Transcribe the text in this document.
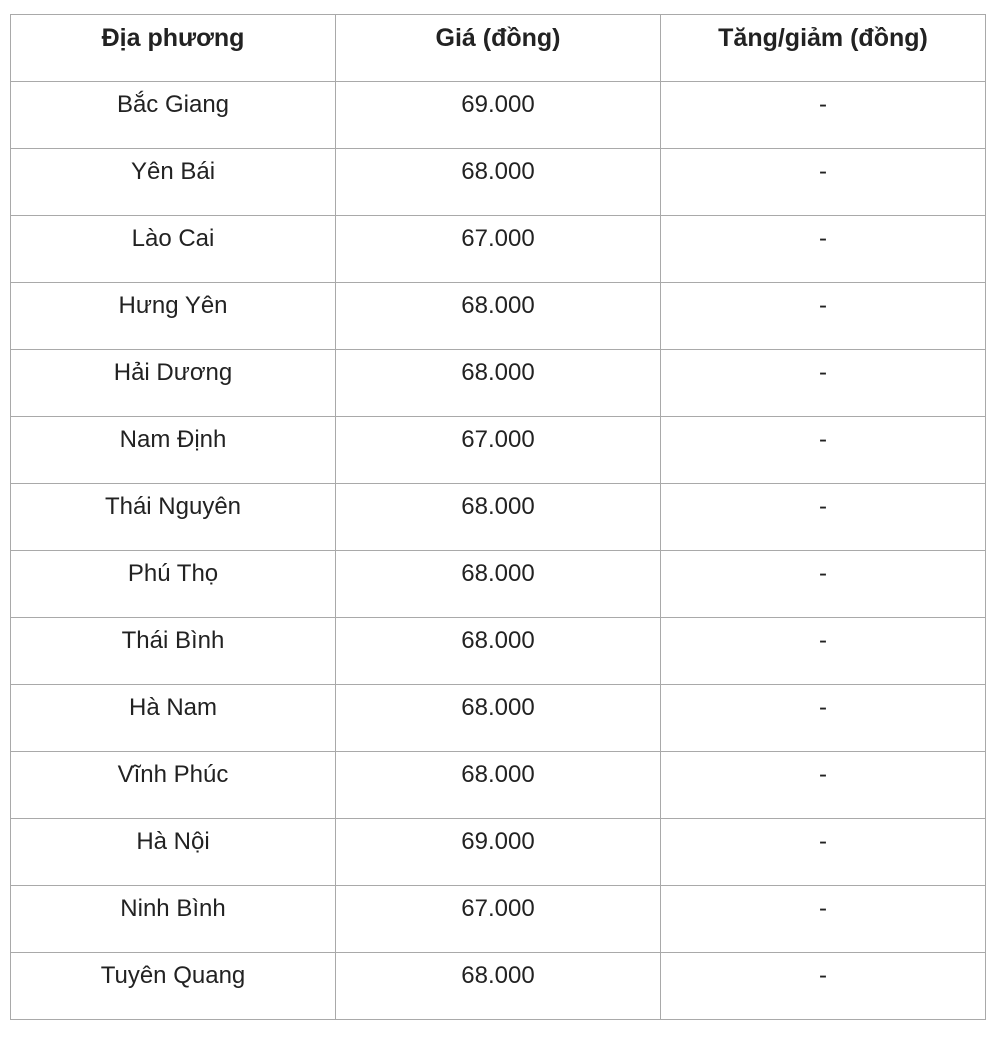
Địa phương	Giá (đồng)	Tăng/giảm (đồng)
Bắc Giang	69.000	-
Yên Bái	68.000	-
Lào Cai	67.000	-
Hưng Yên	68.000	-
Hải Dương	68.000	-
Nam Định	67.000	-
Thái Nguyên	68.000	-
Phú Thọ	68.000	-
Thái Bình	68.000	-
Hà Nam	68.000	-
Vĩnh Phúc	68.000	-
Hà Nội	69.000	-
Ninh Bình	67.000	-
Tuyên Quang	68.000	-
